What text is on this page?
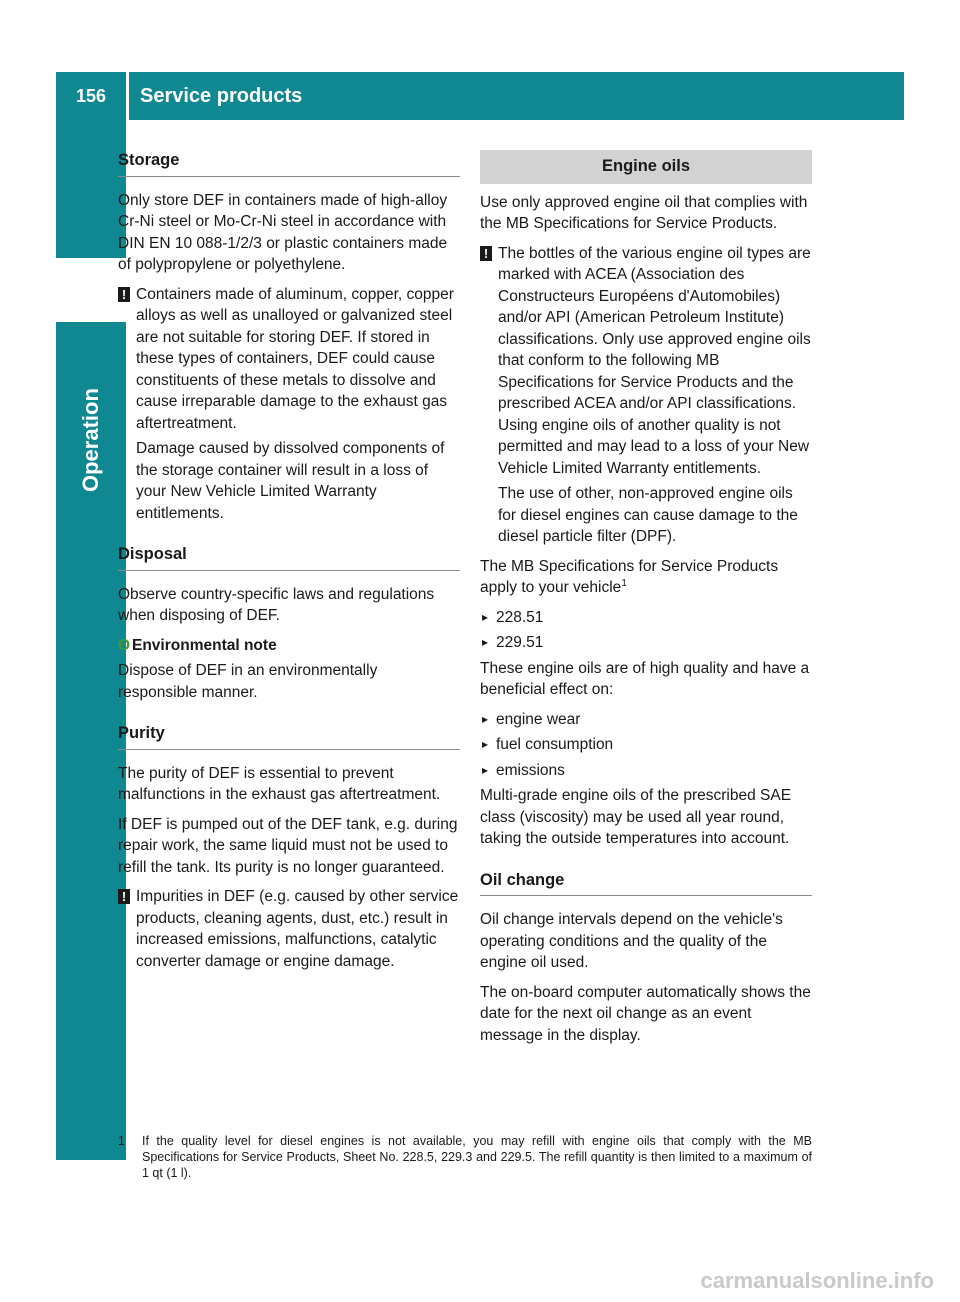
156	Service products
Operation
Storage

Only store DEF in containers made of high-alloy Cr-Ni steel or Mo-Cr-Ni steel in accordance with DIN EN 10 088-1/2/3 or plastic containers made of polypropylene or polyethylene.

! Containers made of aluminum, copper, copper alloys as well as unalloyed or galvanized steel are not suitable for storing DEF. If stored in these types of containers, DEF could cause constituents of these metals to dissolve and cause irreparable damage to the exhaust gas aftertreatment.

Damage caused by dissolved components of the storage container will result in a loss of your New Vehicle Limited Warranty entitlements.

Disposal

Observe country-specific laws and regulations when disposing of DEF.

Θ Environmental note

Dispose of DEF in an environmentally responsible manner.

Purity

The purity of DEF is essential to prevent malfunctions in the exhaust gas aftertreatment.

If DEF is pumped out of the DEF tank, e.g. during repair work, the same liquid must not be used to refill the tank. Its purity is no longer guaranteed.

! Impurities in DEF (e.g. caused by other service products, cleaning agents, dust, etc.) result in increased emissions, malfunctions, catalytic converter damage or engine damage.

Engine oils

Use only approved engine oil that complies with the MB Specifications for Service Products.

! The bottles of the various engine oil types are marked with ACEA (Association des Constructeurs Européens d'Automobiles) and/or API (American Petroleum Institute) classifications. Only use approved engine oils that conform to the following MB Specifications for Service Products and the prescribed ACEA and/or API classifications. Using engine oils of another quality is not permitted and may lead to a loss of your New Vehicle Limited Warranty entitlements.

The use of other, non-approved engine oils for diesel engines can cause damage to the diesel particle filter (DPF).

The MB Specifications for Service Products apply to your vehicle$^1$

▸ 228.51
▸ 229.51

These engine oils are of high quality and have a beneficial effect on:

▸ engine wear
▸ fuel consumption
▸ emissions

Multi-grade engine oils of the prescribed SAE class (viscosity) may be used all year round, taking the outside temperatures into account.

Oil change

Oil change intervals depend on the vehicle's operating conditions and the quality of the engine oil used.

The on-board computer automatically shows the date for the next oil change as an event message in the display.

1	If the quality level for diesel engines is not available, you may refill with engine oils that comply with the MB Specifications for Service Products, Sheet No. 228.5, 229.3 and 229.5. The refill quantity is then limited to a maximum of 1 qt (1 l).
carmanualsonline.info
